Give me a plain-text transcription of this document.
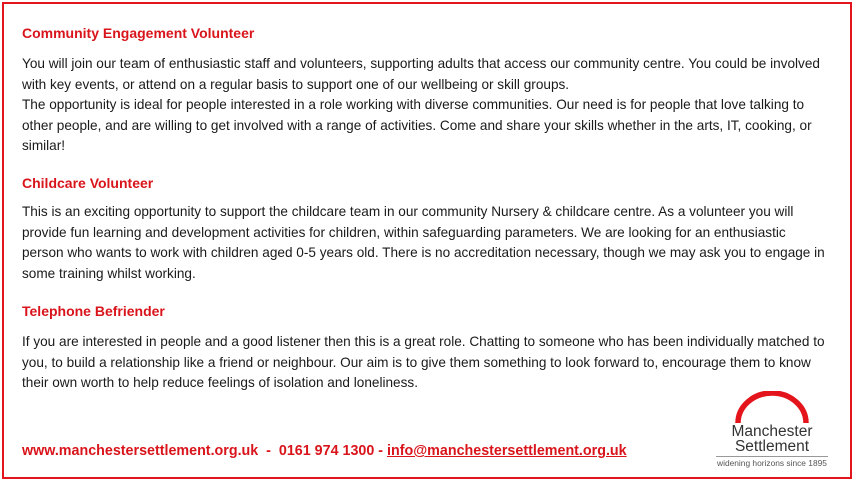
Community Engagement Volunteer

You will join our team of enthusiastic staff and volunteers, supporting adults that access our community centre. You could be involved with key events, or attend on a regular basis to support one of our wellbeing or skill groups.

The opportunity is ideal for people interested in a role working with diverse communities. Our need is for people that love talking to other people, and are willing to get involved with a range of activities. Come and share your skills whether in the arts, IT, cooking, or similar!

Childcare Volunteer

This is an exciting opportunity to support the childcare team in our community Nursery & childcare centre. As a volunteer you will provide fun learning and development activities for children, within safeguarding parameters. We are looking for an enthusiastic person who wants to work with children aged 0-5 years old. There is no accreditation necessary, though we may ask you to engage in some training whilst working.

Telephone Befriender

If you are interested in people and a good listener then this is a great role. Chatting to someone who has been individually matched to you, to build a relationship like a friend or neighbour. Our aim is to give them something to look forward to, encourage them to know their own worth to help reduce feelings of isolation and loneliness.

www.manchestersettlement.org.uk  -  0161 974 1300 - info@manchestersettlement.org.uk
Manchester
Settlement
widening horizons since 1895
